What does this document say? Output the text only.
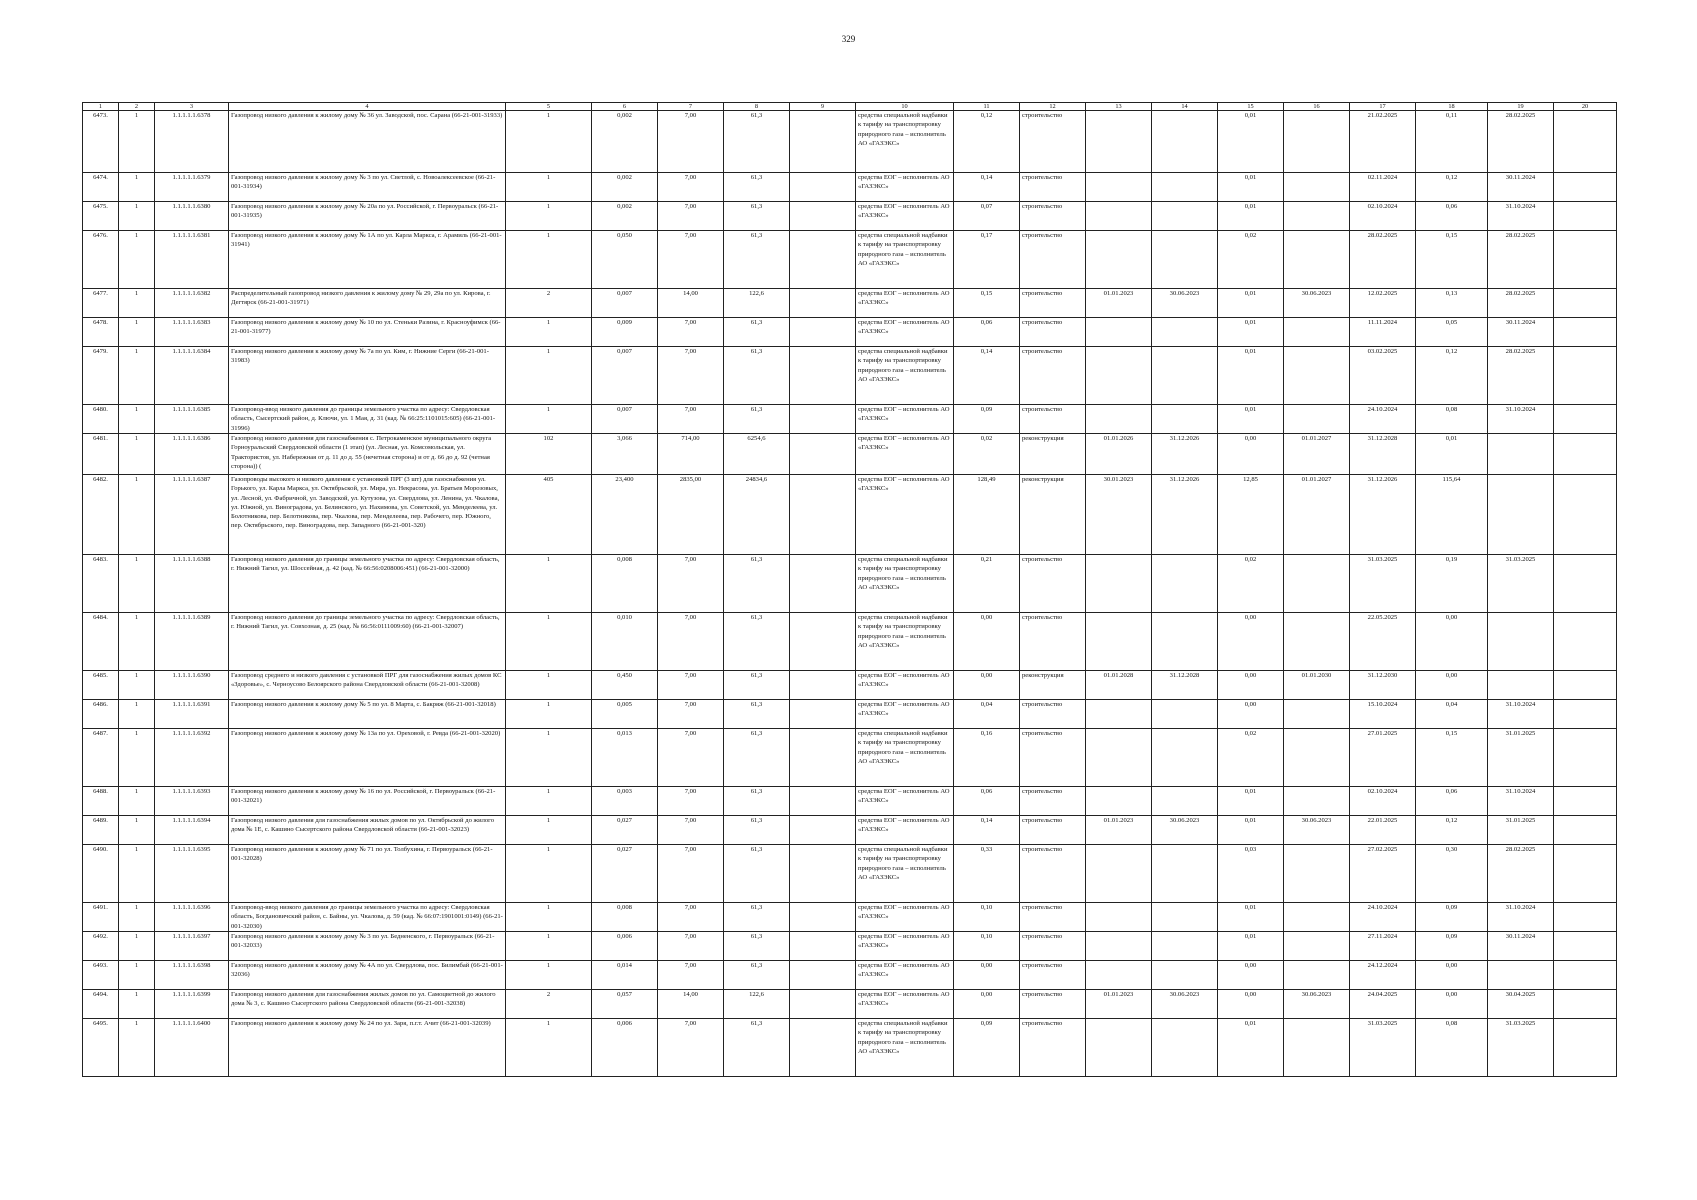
329
1	2	3	4	5	6	7	8	9	10	11	12	13	14	15	16	17	18	19	20
6473.	1	1.1.1.1.1.6378	Газопровод низкого давления к жилому дому № 36 ул. Заводской, пос. Сарана (66-21-001-31933)	1	0,002	7,00	61,3		средства специальной надбавки к тарифу на транспортировку природного газа – исполнитель АО «ГАЗЭКС»	0,12	строительство			0,01		21.02.2025	0,11	28.02.2025	
6474.	1	1.1.1.1.1.6379	Газопровод низкого давления к жилому дому № 3 по ул. Светлой, с. Новоалексеевское (66-21-001-31934)	1	0,002	7,00	61,3		средства ЕОГ – исполнитель АО «ГАЗЭКС»	0,14	строительство			0,01		02.11.2024	0,12	30.11.2024	
6475.	1	1.1.1.1.1.6380	Газопровод низкого давления к жилому дому № 20а по ул. Российской, г. Первоуральск (66-21-001-31935)	1	0,002	7,00	61,3		средства ЕОГ – исполнитель АО «ГАЗЭКС»	0,07	строительство			0,01		02.10.2024	0,06	31.10.2024	
6476.	1	1.1.1.1.1.6381	Газопровод низкого давления к жилому дому № 1А по ул. Карла Маркса, г. Арамиль (66-21-001-31941)	1	0,050	7,00	61,3		средства специальной надбавки к тарифу на транспортировку природного газа – исполнитель АО «ГАЗЭКС»	0,17	строительство			0,02		28.02.2025	0,15	28.02.2025	
6477.	1	1.1.1.1.1.6382	Распределительный газопровод низкого давления к жилому дому № 29, 29а по ул. Кирова, г. Дегтярск (66-21-001-31971)	2	0,007	14,00	122,6		средства ЕОГ – исполнитель АО «ГАЗЭКС»	0,15	строительство	01.01.2023	30.06.2023	0,01	30.06.2023	12.02.2025	0,13	28.02.2025	
6478.	1	1.1.1.1.1.6383	Газопровод низкого давления к жилому дому № 10 по ул. Стеньки Разина, г. Красноуфимск (66-21-001-31977)	1	0,009	7,00	61,3		средства ЕОГ – исполнитель АО «ГАЗЭКС»	0,06	строительство			0,01		11.11.2024	0,05	30.11.2024	
6479.	1	1.1.1.1.1.6384	Газопровод низкого давления к жилому дому № 7а по ул. Ким, г. Нижние Серги (66-21-001-31983)	1	0,007	7,00	61,3		средства специальной надбавки к тарифу на транспортировку природного газа – исполнитель АО «ГАЗЭКС»	0,14	строительство			0,01		03.02.2025	0,12	28.02.2025	
6480.	1	1.1.1.1.1.6385	Газопровод-ввод низкого давления до границы земельного участка по адресу: Свердловская область, Сысертский район, д. Ключи, ул. 1 Мая, д. 31 (кад. № 66:25:1101015:605) (66-21-001-31996)	1	0,007	7,00	61,3		средства ЕОГ – исполнитель АО «ГАЗЭКС»	0,09	строительство			0,01		24.10.2024	0,08	31.10.2024	
6481.	1	1.1.1.1.1.6386	Газопровод низкого давления для газоснабжения с. Петрокаменское муниципального округа Горноуральский Свердловской области (1 этап) (ул. Лесная, ул. Комсомольская, ул. Трактористов, ул. Набережная от д. 11 до д. 55 (нечетная сторона) и от д. 66 до д. 92 (четная сторона)) (	102	3,066	714,00	6254,6		средства ЕОГ – исполнитель АО «ГАЗЭКС»	0,02	реконструкция	01.01.2026	31.12.2026	0,00	01.01.2027	31.12.2028	0,01		
6482.	1	1.1.1.1.1.6387	Газопроводы высокого и низкого давления с установкой ПРГ (3 шт) для газоснабжения ул. Горького, ул. Карла Маркса, ул. Октябрьской, ул. Мира, ул. Некрасова, ул. Братьев Морозовых, ул. Лесной, ул. Фабричной, ул. Заводской, ул. Кутузова, ул. Свердлова, ул. Ленина, ул. Чкалова, ул. Южной, ул. Виноградова, ул. Белинского, ул. Нахимова, ул. Советской, ул. Менделеева, ул. Болотникова, пер. Белотникова, пер. Чкалова, пер. Менделеева, пер. Рабочего, пер. Южного, пер. Октябрьского, пер. Виноградова, пер. Западного (66-21-001-320)	405	23,400	2835,00	24834,6		средства ЕОГ – исполнитель АО «ГАЗЭКС»	128,49	реконструкция	30.01.2023	31.12.2026	12,85	01.01.2027	31.12.2026	115,64		
6483.	1	1.1.1.1.1.6388	Газопровод низкого давления до границы земельного участка по адресу: Свердловская область, г. Нижний Тагил, ул. Шоссейная, д. 42 (кад. № 66:56:0208006:451) (66-21-001-32000)	1	0,008	7,00	61,3		средства специальной надбавки к тарифу на транспортировку природного газа – исполнитель АО «ГАЗЭКС»	0,21	строительство			0,02		31.03.2025	0,19	31.03.2025	
6484.	1	1.1.1.1.1.6389	Газопровод низкого давления до границы земельного участка по адресу: Свердловская область, г. Нижний Тагил, ул. Совхозная, д. 25 (кад. № 66:56:0111009:60) (66-21-001-32007)	1	0,010	7,00	61,3		средства специальной надбавки к тарифу на транспортировку природного газа – исполнитель АО «ГАЗЭКС»	0,00	строительство			0,00		22.05.2025	0,00		
6485.	1	1.1.1.1.1.6390	Газопровод среднего и низкого давления с установкой ПРГ для газоснабжения жилых домов КС «Здоровье», с. Черноусово Белоярского района Свердловской области (66-21-001-32008)	1	0,450	7,00	61,3		средства ЕОГ – исполнитель АО «ГАЗЭКС»	0,00	реконструкция	01.01.2028	31.12.2028	0,00	01.01.2030	31.12.2030	0,00		
6486.	1	1.1.1.1.1.6391	Газопровод низкого давления к жилому дому № 5 по ул. 8 Марта, с. Бакряж (66-21-001-32018)	1	0,005	7,00	61,3		средства ЕОГ – исполнитель АО «ГАЗЭКС»	0,04	строительство			0,00		15.10.2024	0,04	31.10.2024	
6487.	1	1.1.1.1.1.6392	Газопровод низкого давления к жилому дому № 13а по ул. Ореховой, г. Ревда (66-21-001-32020)	1	0,013	7,00	61,3		средства специальной надбавки к тарифу на транспортировку природного газа – исполнитель АО «ГАЗЭКС»	0,16	строительство			0,02		27.01.2025	0,15	31.01.2025	
6488.	1	1.1.1.1.1.6393	Газопровод низкого давления к жилому дому № 16 по ул. Российской, г. Первоуральск (66-21-001-32021)	1	0,003	7,00	61,3		средства ЕОГ – исполнитель АО «ГАЗЭКС»	0,06	строительство			0,01		02.10.2024	0,06	31.10.2024	
6489.	1	1.1.1.1.1.6394	Газопровод низкого давления для газоснабжения жилых домов по ул. Октябрьской до жилого дома № 1Е, с. Кашино Сысертского района Свердловской области (66-21-001-32023)	1	0,027	7,00	61,3		средства ЕОГ – исполнитель АО «ГАЗЭКС»	0,14	строительство	01.01.2023	30.06.2023	0,01	30.06.2023	22.01.2025	0,12	31.01.2025	
6490.	1	1.1.1.1.1.6395	Газопровод низкого давления к жилому дому № 71 по ул. Толбухина, г. Первоуральск (66-21-001-32028)	1	0,027	7,00	61,3		средства специальной надбавки к тарифу на транспортировку природного газа – исполнитель АО «ГАЗЭКС»	0,33	строительство			0,03		27.02.2025	0,30	28.02.2025	
6491.	1	1.1.1.1.1.6396	Газопровод-ввод низкого давления до границы земельного участка по адресу: Свердловская область, Богдановичский район, с. Байны, ул. Чкалова, д. 59 (кад. № 66:07:1901001:0149) (66-21-001-32030)	1	0,008	7,00	61,3		средства ЕОГ – исполнитель АО «ГАЗЭКС»	0,10	строительство			0,01		24.10.2024	0,09	31.10.2024	
6492.	1	1.1.1.1.1.6397	Газопровод низкого давления к жилому дому № 3 по ул. Бедненского, г. Первоуральск (66-21-001-32033)	1	0,006	7,00	61,3		средства ЕОГ – исполнитель АО «ГАЗЭКС»	0,10	строительство			0,01		27.11.2024	0,09	30.11.2024	
6493.	1	1.1.1.1.1.6398	Газопровод низкого давления к жилому дому № 4А по ул. Свердлова, пос. Билимбай (66-21-001-32036)	1	0,014	7,00	61,3		средства ЕОГ – исполнитель АО «ГАЗЭКС»	0,00	строительство			0,00		24.12.2024	0,00		
6494.	1	1.1.1.1.1.6399	Газопровод низкого давления для газоснабжения жилых домов по ул. Самоцветной до жилого дома № 3, с. Кашино Сысертского района Свердловской области (66-21-001-32038)	2	0,057	14,00	122,6		средства ЕОГ – исполнитель АО «ГАЗЭКС»	0,00	строительство	01.01.2023	30.06.2023	0,00	30.06.2023	24.04.2025	0,00	30.04.2025	
6495.	1	1.1.1.1.1.6400	Газопровод низкого давления к жилому дому № 24 по ул. Заря, п.г.т. Ачит (66-21-001-32039)	1	0,006	7,00	61,3		средства специальной надбавки к тарифу на транспортировку природного газа – исполнитель АО «ГАЗЭКС»	0,09	строительство			0,01		31.03.2025	0,08	31.03.2025	
